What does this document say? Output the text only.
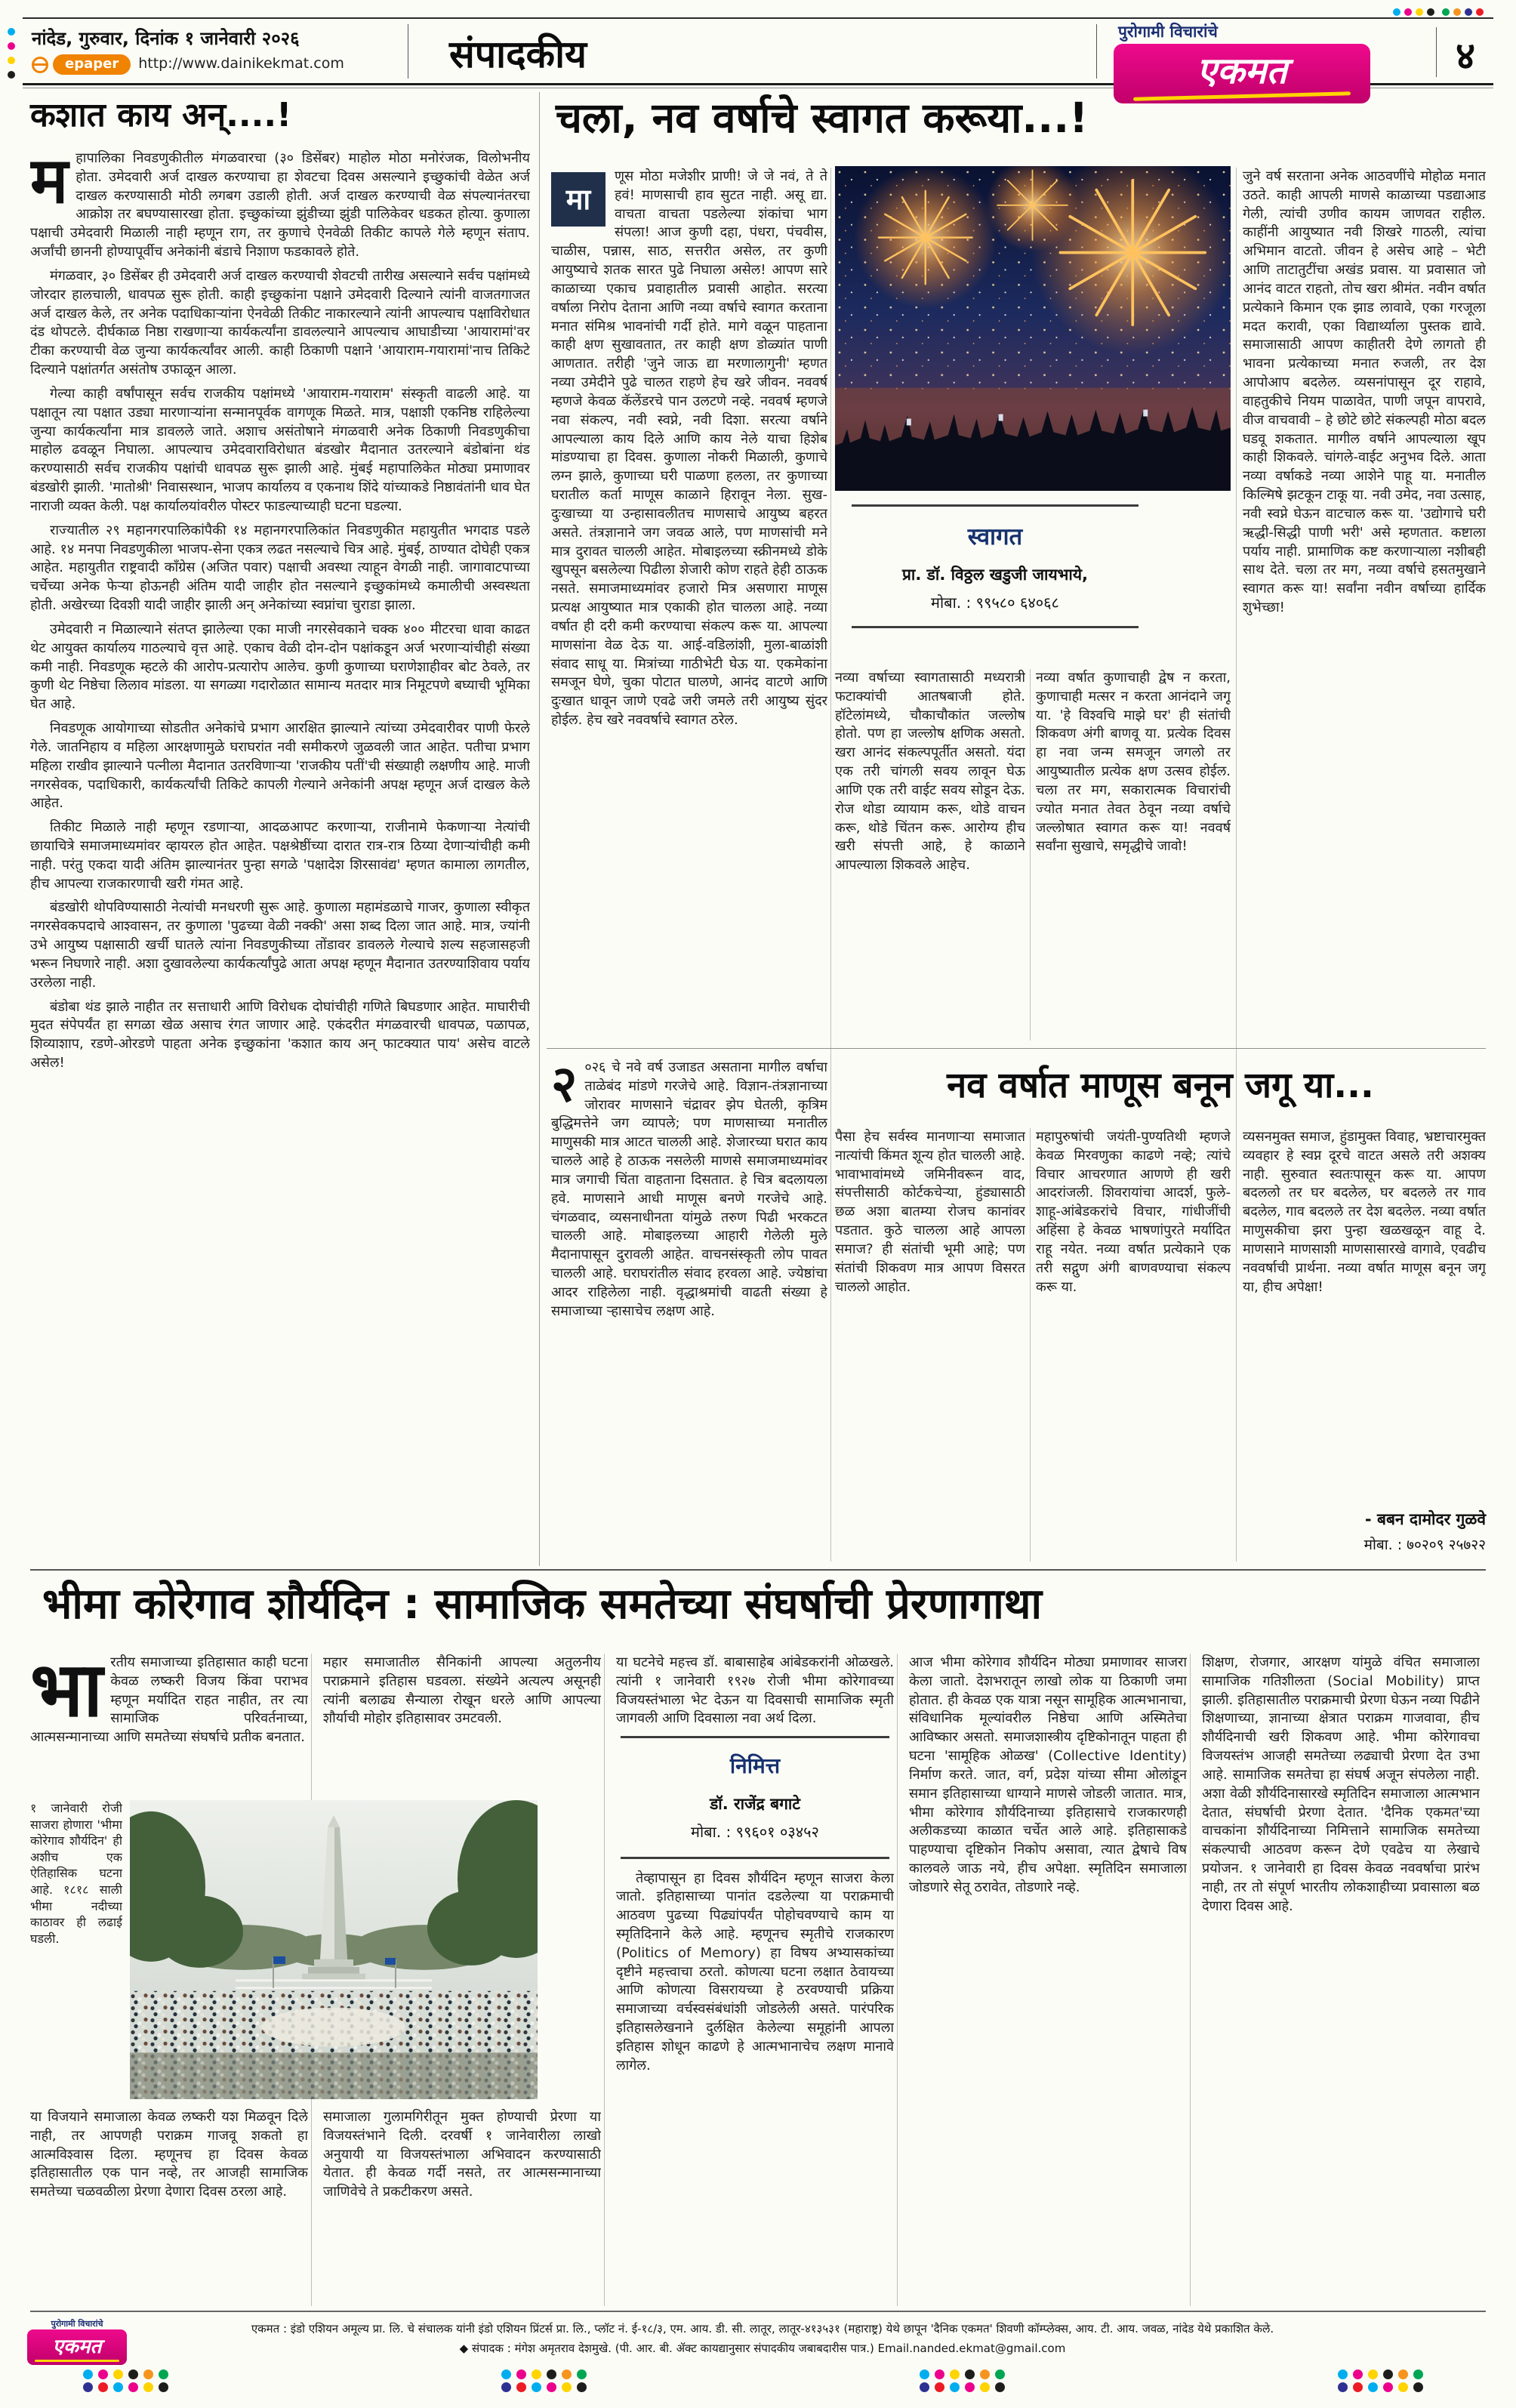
नांदेड, गुरुवार, दिनांक १ जानेवारी २०२६
epaper http://www.dainikekmat.com	संपादकीय
पुरोगामी विचारांचे
एकमत	४
कशात काय अन्....!

महापालिका निवडणुकीतील मंगळवारचा (३० डिसेंबर) माहोल मोठा मनोरंजक, विलोभनीय होता. उमेदवारी अर्ज दाखल करण्याचा हा शेवटचा दिवस असल्याने इच्छुकांची वेळेत अर्ज दाखल करण्यासाठी मोठी लगबग उडाली होती. अर्ज दाखल करण्याची वेळ संपल्यानंतरचा आक्रोश तर बघण्यासारखा होता. इच्छुकांच्या झुंडीच्या झुंडी पालिकेवर धडकत होत्या. कुणाला पक्षाची उमेदवारी मिळाली नाही म्हणून राग, तर कुणाचे ऐनवेळी तिकीट कापले गेले म्हणून संताप. अर्जांची छाननी होण्यापूर्वीच अनेकांनी बंडाचे निशाण फडकावले होते.

मंगळवार, ३० डिसेंबर ही उमेदवारी अर्ज दाखल करण्याची शेवटची तारीख असल्याने सर्वच पक्षांमध्ये जोरदार हालचाली, धावपळ सुरू होती. काही इच्छुकांना पक्षाने उमेदवारी दिल्याने त्यांनी वाजतगाजत अर्ज दाखल केले, तर अनेक पदाधिकाऱ्यांना ऐनवेळी तिकीट नाकारल्याने त्यांनी आपल्याच पक्षाविरोधात दंड थोपटले. दीर्घकाळ निष्ठा राखणाऱ्या कार्यकर्त्यांना डावलल्याने आपल्याच आघाडीच्या 'आयारामां'वर टीका करण्याची वेळ जुन्या कार्यकर्त्यांवर आली. काही ठिकाणी पक्षाने 'आयाराम-गयारामां'नाच तिकिटे दिल्याने पक्षांतर्गत असंतोष उफाळून आला.

गेल्या काही वर्षांपासून सर्वच राजकीय पक्षांमध्ये 'आयाराम-गयाराम' संस्कृती वाढली आहे. या पक्षातून त्या पक्षात उड्या मारणाऱ्यांना सन्मानपूर्वक वागणूक मिळते. मात्र, पक्षाशी एकनिष्ठ राहिलेल्या जुन्या कार्यकर्त्यांना मात्र डावलले जाते. अशाच असंतोषाने मंगळवारी अनेक ठिकाणी निवडणुकीचा माहोल ढवळून निघाला. आपल्याच उमेदवाराविरोधात बंडखोर मैदानात उतरल्याने बंडोबांना थंड करण्यासाठी सर्वच राजकीय पक्षांची धावपळ सुरू झाली आहे. मुंबई महापालिकेत मोठ्या प्रमाणावर बंडखोरी झाली. 'मातोश्री' निवासस्थान, भाजप कार्यालय व एकनाथ शिंदे यांच्याकडे निष्ठावंतांनी धाव घेत नाराजी व्यक्त केली. पक्ष कार्यालयांवरील पोस्टर फाडल्याच्याही घटना घडल्या.

राज्यातील २९ महानगरपालिकांपैकी १४ महानगरपालिकांत निवडणुकीत महायुतीत भगदाड पडले आहे. १४ मनपा निवडणुकीला भाजप-सेना एकत्र लढत नसल्याचे चित्र आहे. मुंबई, ठाण्यात दोघेही एकत्र आहेत. महायुतीत राष्ट्रवादी काँग्रेस (अजित पवार) पक्षाची अवस्था त्याहून वेगळी नाही. जागावाटपाच्या चर्चेच्या अनेक फेऱ्या होऊनही अंतिम यादी जाहीर होत नसल्याने इच्छुकांमध्ये कमालीची अस्वस्थता होती. अखेरच्या दिवशी यादी जाहीर झाली अन् अनेकांच्या स्वप्नांचा चुराडा झाला.

उमेदवारी न मिळाल्याने संतप्त झालेल्या एका माजी नगरसेवकाने चक्क ४०० मीटरचा धावा काढत थेट आयुक्त कार्यालय गाठल्याचे वृत्त आहे. एकाच वेळी दोन-दोन पक्षांकडून अर्ज भरणाऱ्यांचीही संख्या कमी नाही. निवडणूक म्हटले की आरोप-प्रत्यारोप आलेच. कुणी कुणाच्या घराणेशाहीवर बोट ठेवले, तर कुणी थेट निष्ठेचा लिलाव मांडला. या सगळ्या गदारोळात सामान्य मतदार मात्र निमूटपणे बघ्याची भूमिका घेत आहे.

निवडणूक आयोगाच्या सोडतीत अनेकांचे प्रभाग आरक्षित झाल्याने त्यांच्या उमेदवारीवर पाणी फेरले गेले. जातनिहाय व महिला आरक्षणामुळे घराघरांत नवी समीकरणे जुळवली जात आहेत. पतीचा प्रभाग महिला राखीव झाल्याने पत्नीला मैदानात उतरविणाऱ्या 'राजकीय पतीं'ची संख्याही लक्षणीय आहे. माजी नगरसेवक, पदाधिकारी, कार्यकर्त्यांची तिकिटे कापली गेल्याने अनेकांनी अपक्ष म्हणून अर्ज दाखल केले आहेत.

तिकीट मिळाले नाही म्हणून रडणाऱ्या, आदळआपट करणाऱ्या, राजीनामे फेकणाऱ्या नेत्यांची छायाचित्रे समाजमाध्यमांवर व्हायरल होत आहेत. पक्षश्रेष्ठींच्या दारात रात्र-रात्र ठिय्या देणाऱ्यांचीही कमी नाही. परंतु एकदा यादी अंतिम झाल्यानंतर पुन्हा सगळे 'पक्षादेश शिरसावंद्य' म्हणत कामाला लागतील, हीच आपल्या राजकारणाची खरी गंमत आहे.

बंडखोरी थोपविण्यासाठी नेत्यांची मनधरणी सुरू आहे. कुणाला महामंडळाचे गाजर, कुणाला स्वीकृत नगरसेवकपदाचे आश्वासन, तर कुणाला 'पुढच्या वेळी नक्की' असा शब्द दिला जात आहे. मात्र, ज्यांनी उभे आयुष्य पक्षासाठी खर्ची घातले त्यांना निवडणुकीच्या तोंडावर डावलले गेल्याचे शल्य सहजासहजी भरून निघणारे नाही. अशा दुखावलेल्या कार्यकर्त्यांपुढे आता अपक्ष म्हणून मैदानात उतरण्याशिवाय पर्याय उरलेला नाही.

बंडोबा थंड झाले नाहीत तर सत्ताधारी आणि विरोधक दोघांचीही गणिते बिघडणार आहेत. माघारीची मुदत संपेपर्यंत हा सगळा खेळ असाच रंगत जाणार आहे. एकंदरीत मंगळवारची धावपळ, पळापळ, शिव्याशाप, रडणे-ओरडणे पाहता अनेक इच्छुकांना 'कशात काय अन् फाटक्यात पाय' असेच वाटले असेल!

चला, नव वर्षाचे स्वागत करूया...!

मा
णूस मोठा मजेशीर प्राणी! जे जे नवं, ते ते हवं! माणसाची हाव सुटत नाही. असू द्या. वाचता वाचता पडलेल्या शंकांचा भाग संपला! आज कुणी दहा, पंधरा, पंचवीस, चाळीस, पन्नास, साठ, सत्तरीत असेल, तर कुणी आयुष्याचे शतक सारत पुढे निघाला असेल! आपण सारे काळाच्या एकाच प्रवाहातील प्रवासी आहोत. सरत्या वर्षाला निरोप देताना आणि नव्या वर्षाचे स्वागत करताना मनात संमिश्र भावनांची गर्दी होते. मागे वळून पाहताना काही क्षण सुखावतात, तर काही क्षण डोळ्यांत पाणी आणतात. तरीही 'जुने जाऊ द्या मरणालागुनी' म्हणत नव्या उमेदीने पुढे चालत राहणे हेच खरे जीवन. नववर्ष म्हणजे केवळ कॅलेंडरचे पान उलटणे नव्हे. नववर्ष म्हणजे नवा संकल्प, नवी स्वप्ने, नवी दिशा. सरत्या वर्षाने आपल्याला काय दिले आणि काय नेले याचा हिशेब मांडण्याचा हा दिवस. कुणाला नोकरी मिळाली, कुणाचे लग्न झाले, कुणाच्या घरी पाळणा हलला, तर कुणाच्या घरातील कर्ता माणूस काळाने हिरावून नेला. सुख-दुःखाच्या या उन्हासावलीतच माणसाचे आयुष्य बहरत असते. तंत्रज्ञानाने जग जवळ आले, पण माणसांची मने मात्र दुरावत चालली आहेत. मोबाइलच्या स्क्रीनमध्ये डोके खुपसून बसलेल्या पिढीला शेजारी कोण राहते हेही ठाऊक नसते. समाजमाध्यमांवर हजारो मित्र असणारा माणूस प्रत्यक्ष आयुष्यात मात्र एकाकी होत चालला आहे. नव्या वर्षात ही दरी कमी करण्याचा संकल्प करू या. आपल्या माणसांना वेळ देऊ या. आई-वडिलांशी, मुला-बाळांशी संवाद साधू या. मित्रांच्या गाठीभेटी घेऊ या. एकमेकांना समजून घेणे, चुका पोटात घालणे, आनंद वाटणे आणि दुःखात धावून जाणे एवढे जरी जमले तरी आयुष्य सुंदर होईल. हेच खरे नववर्षाचे स्वागत ठरेल.

स्वागत
प्रा. डॉ. विठ्ठल खडुजी जायभाये,
मोबा. : ९९५८० ६४०६८

नव्या वर्षाच्या स्वागतासाठी मध्यरात्री फटाक्यांची आतषबाजी होते. हॉटेलांमध्ये, चौकाचौकांत जल्लोष होतो. पण हा जल्लोष क्षणिक असतो. खरा आनंद संकल्पपूर्तीत असतो. यंदा एक तरी चांगली सवय लावून घेऊ आणि एक तरी वाईट सवय सोडून देऊ. रोज थोडा व्यायाम करू, थोडे वाचन करू, थोडे चिंतन करू. आरोग्य हीच खरी संपत्ती आहे, हे काळाने आपल्याला शिकवले आहेच.

नव्या वर्षात कुणाचाही द्वेष न करता, कुणाचाही मत्सर न करता आनंदाने जगू या. 'हे विश्वचि माझे घर' ही संतांची शिकवण अंगी बाणवू या. प्रत्येक दिवस हा नवा जन्म समजून जगलो तर आयुष्यातील प्रत्येक क्षण उत्सव होईल. चला तर मग, सकारात्मक विचारांची ज्योत मनात तेवत ठेवून नव्या वर्षाचे जल्लोषात स्वागत करू या! नववर्ष सर्वांना सुखाचे, समृद्धीचे जावो!

जुने वर्ष सरताना अनेक आठवणींचे मोहोळ मनात उठते. काही आपली माणसे काळाच्या पडद्याआड गेली, त्यांची उणीव कायम जाणवत राहील. काहींनी आयुष्यात नवी शिखरे गाठली, त्यांचा अभिमान वाटतो. जीवन हे असेच आहे – भेटी आणि ताटातुटींचा अखंड प्रवास. या प्रवासात जो आनंद वाटत राहतो, तोच खरा श्रीमंत. नवीन वर्षात प्रत्येकाने किमान एक झाड लावावे, एका गरजूला मदत करावी, एका विद्यार्थ्याला पुस्तक द्यावे. समाजासाठी आपण काहीतरी देणे लागतो ही भावना प्रत्येकाच्या मनात रुजली, तर देश आपोआप बदलेल. व्यसनांपासून दूर राहावे, वाहतुकीचे नियम पाळावेत, पाणी जपून वापरावे, वीज वाचवावी – हे छोटे छोटे संकल्पही मोठा बदल घडवू शकतात. मागील वर्षाने आपल्याला खूप काही शिकवले. चांगले-वाईट अनुभव दिले. आता नव्या वर्षाकडे नव्या आशेने पाहू या. मनातील किल्मिषे झटकून टाकू या. नवी उमेद, नवा उत्साह, नवी स्वप्ने घेऊन वाटचाल करू या. 'उद्योगाचे घरी ऋद्धी-सिद्धी पाणी भरी' असे म्हणतात. कष्टाला पर्याय नाही. प्रामाणिक कष्ट करणाऱ्याला नशीबही साथ देते. चला तर मग, नव्या वर्षाचे हसतमुखाने स्वागत करू या! सर्वांना नवीन वर्षाच्या हार्दिक शुभेच्छा!

२ ०२६ चे नवे वर्ष उजाडत असताना मागील वर्षाचा ताळेबंद मांडणे गरजेचे आहे. विज्ञान-तंत्रज्ञानाच्या जोरावर माणसाने चंद्रावर झेप घेतली, कृत्रिम बुद्धिमत्तेने जग व्यापले; पण माणसाच्या मनातील माणुसकी मात्र आटत चालली आहे. शेजारच्या घरात काय चालले आहे हे ठाऊक नसलेली माणसे समाजमाध्यमांवर मात्र जगाची चिंता वाहताना दिसतात. हे चित्र बदलायला हवे. माणसाने आधी माणूस बनणे गरजेचे आहे. चंगळवाद, व्यसनाधीनता यांमुळे तरुण पिढी भरकटत चालली आहे. मोबाइलच्या आहारी गेलेली मुले मैदानापासून दुरावली आहेत. वाचनसंस्कृती लोप पावत चालली आहे. घराघरांतील संवाद हरवला आहे. ज्येष्ठांचा आदर राहिलेला नाही. वृद्धाश्रमांची वाढती संख्या हे समाजाच्या ऱ्हासाचेच लक्षण आहे.

नव वर्षात माणूस बनून जगू या...

पैसा हेच सर्वस्व मानणाऱ्या समाजात नात्यांची किंमत शून्य होत चालली आहे. भावाभावांमध्ये जमिनीवरून वाद, संपत्तीसाठी कोर्टकचेऱ्या, हुंड्यासाठी छळ अशा बातम्या रोजच कानांवर पडतात. कुठे चालला आहे आपला समाज? ही संतांची भूमी आहे; पण संतांची शिकवण मात्र आपण विसरत चाललो आहोत.

महापुरुषांची जयंती-पुण्यतिथी म्हणजे केवळ मिरवणुका काढणे नव्हे; त्यांचे विचार आचरणात आणणे ही खरी आदरांजली. शिवरायांचा आदर्श, फुले-शाहू-आंबेडकरांचे विचार, गांधीजींची अहिंसा हे केवळ भाषणांपुरते मर्यादित राहू नयेत. नव्या वर्षात प्रत्येकाने एक तरी सद्गुण अंगी बाणवण्याचा संकल्प करू या.

व्यसनमुक्त समाज, हुंडामुक्त विवाह, भ्रष्टाचारमुक्त व्यवहार हे स्वप्न दूरचे वाटत असले तरी अशक्य नाही. सुरुवात स्वतःपासून करू या. आपण बदललो तर घर बदलेल, घर बदलले तर गाव बदलेल, गाव बदलले तर देश बदलेल. नव्या वर्षात माणुसकीचा झरा पुन्हा खळखळून वाहू दे. माणसाने माणसाशी माणसासारखे वागावे, एवढीच नववर्षाची प्रार्थना. नव्या वर्षात माणूस बनून जगू या, हीच अपेक्षा!

- बबन दामोदर गुळवे
मोबा. : ७०२०९ २५७२२
भीमा कोरेगाव शौर्यदिन : सामाजिक समतेच्या संघर्षाची प्रेरणागाथा

भारतीय समाजाच्या इतिहासात काही घटना केवळ लष्करी विजय किंवा पराभव म्हणून मर्यादित राहत नाहीत, तर त्या सामाजिक परिवर्तनाच्या, आत्मसन्मानाच्या आणि समतेच्या संघर्षाचे प्रतीक बनतात.

महार समाजातील सैनिकांनी आपल्या अतुलनीय पराक्रमाने इतिहास घडवला. संख्येने अत्यल्प असूनही त्यांनी बलाढ्य सैन्याला रोखून धरले आणि आपल्या शौर्याची मोहोर इतिहासावर उमटवली.

१ जानेवारी रोजी साजरा होणारा 'भीमा कोरेगाव शौर्यदिन' ही अशीच एक ऐतिहासिक घटना आहे. १८१८ साली भीमा नदीच्या काठावर ही लढाई घडली.

या विजयाने समाजाला केवळ लष्करी यश मिळवून दिले नाही, तर आपणही पराक्रम गाजवू शकतो हा आत्मविश्वास दिला. म्हणूनच हा दिवस केवळ इतिहासातील एक पान नव्हे, तर आजही सामाजिक समतेच्या चळवळीला प्रेरणा देणारा दिवस ठरला आहे.

समाजाला गुलामगिरीतून मुक्त होण्याची प्रेरणा या विजयस्तंभाने दिली. दरवर्षी १ जानेवारीला लाखो अनुयायी या विजयस्तंभाला अभिवादन करण्यासाठी येतात. ही केवळ गर्दी नसते, तर आत्मसन्मानाच्या जाणिवेचे ते प्रकटीकरण असते.

या घटनेचे महत्त्व डॉ. बाबासाहेब आंबेडकरांनी ओळखले. त्यांनी १ जानेवारी १९२७ रोजी भीमा कोरेगावच्या विजयस्तंभाला भेट देऊन या दिवसाची सामाजिक स्मृती जागवली आणि दिवसाला नवा अर्थ दिला.

निमित्त
डॉ. राजेंद्र बगाटे
मोबा. : ९९६०१ ०३४५२

तेव्हापासून हा दिवस शौर्यदिन म्हणून साजरा केला जातो. इतिहासाच्या पानांत दडलेल्या या पराक्रमाची आठवण पुढच्या पिढ्यांपर्यंत पोहोचवण्याचे काम या स्मृतिदिनाने केले आहे. म्हणूनच स्मृतीचे राजकारण (Politics of Memory) हा विषय अभ्यासकांच्या दृष्टीने महत्त्वाचा ठरतो. कोणत्या घटना लक्षात ठेवायच्या आणि कोणत्या विसरायच्या हे ठरवण्याची प्रक्रिया समाजाच्या वर्चस्वसंबंधांशी जोडलेली असते. पारंपरिक इतिहासलेखनाने दुर्लक्षित केलेल्या समूहांनी आपला इतिहास शोधून काढणे हे आत्मभानाचेच लक्षण मानावे लागेल.

आज भीमा कोरेगाव शौर्यदिन मोठ्या प्रमाणावर साजरा केला जातो. देशभरातून लाखो लोक या ठिकाणी जमा होतात. ही केवळ एक यात्रा नसून सामूहिक आत्मभानाचा, संविधानिक मूल्यांवरील निष्ठेचा आणि अस्मितेचा आविष्कार असतो. समाजशास्त्रीय दृष्टिकोनातून पाहता ही घटना 'सामूहिक ओळख' (Collective Identity) निर्माण करते. जात, वर्ग, प्रदेश यांच्या सीमा ओलांडून समान इतिहासाच्या धाग्याने माणसे जोडली जातात. मात्र, भीमा कोरेगाव शौर्यदिनाच्या इतिहासाचे राजकारणही अलीकडच्या काळात चर्चेत आले आहे. इतिहासाकडे पाहण्याचा दृष्टिकोन निकोप असावा, त्यात द्वेषाचे विष कालवले जाऊ नये, हीच अपेक्षा. स्मृतिदिन समाजाला जोडणारे सेतू ठरावेत, तोडणारे नव्हे.

शिक्षण, रोजगार, आरक्षण यांमुळे वंचित समाजाला सामाजिक गतिशीलता (Social Mobility) प्राप्त झाली. इतिहासातील पराक्रमाची प्रेरणा घेऊन नव्या पिढीने शिक्षणाच्या, ज्ञानाच्या क्षेत्रात पराक्रम गाजवावा, हीच शौर्यदिनाची खरी शिकवण आहे. भीमा कोरेगावचा विजयस्तंभ आजही समतेच्या लढ्याची प्रेरणा देत उभा आहे. सामाजिक समतेचा हा संघर्ष अजून संपलेला नाही. अशा वेळी शौर्यदिनासारखे स्मृतिदिन समाजाला आत्मभान देतात, संघर्षाची प्रेरणा देतात. 'दैनिक एकमत'च्या वाचकांना शौर्यदिनाच्या निमित्ताने सामाजिक समतेच्या संकल्पाची आठवण करून देणे एवढेच या लेखाचे प्रयोजन. १ जानेवारी हा दिवस केवळ नववर्षाचा प्रारंभ नाही, तर तो संपूर्ण भारतीय लोकशाहीच्या प्रवासाला बळ देणारा दिवस आहे.

पुरोगामी विचारांचे
एकमत
एकमत : इंडो एशियन अमूल्य प्रा. लि. चे संचालक यांनी इंडो एशियन प्रिंटर्स प्रा. लि., प्लॉट नं. ई-१८/३, एम. आय. डी. सी. लातूर, लातूर-४१३५३१ (महाराष्ट्र) येथे छापून 'दैनिक एकमत' शिवणी कॉम्प्लेक्स, आय. टी. आय. जवळ, नांदेड येथे प्रकाशित केले.
◆ संपादक : मंगेश अमृतराव देशमुखे. (पी. आर. बी. ॲक्ट कायद्यानुसार संपादकीय जबाबदारीस पात्र.) Email.nanded.ekmat@gmail.com
